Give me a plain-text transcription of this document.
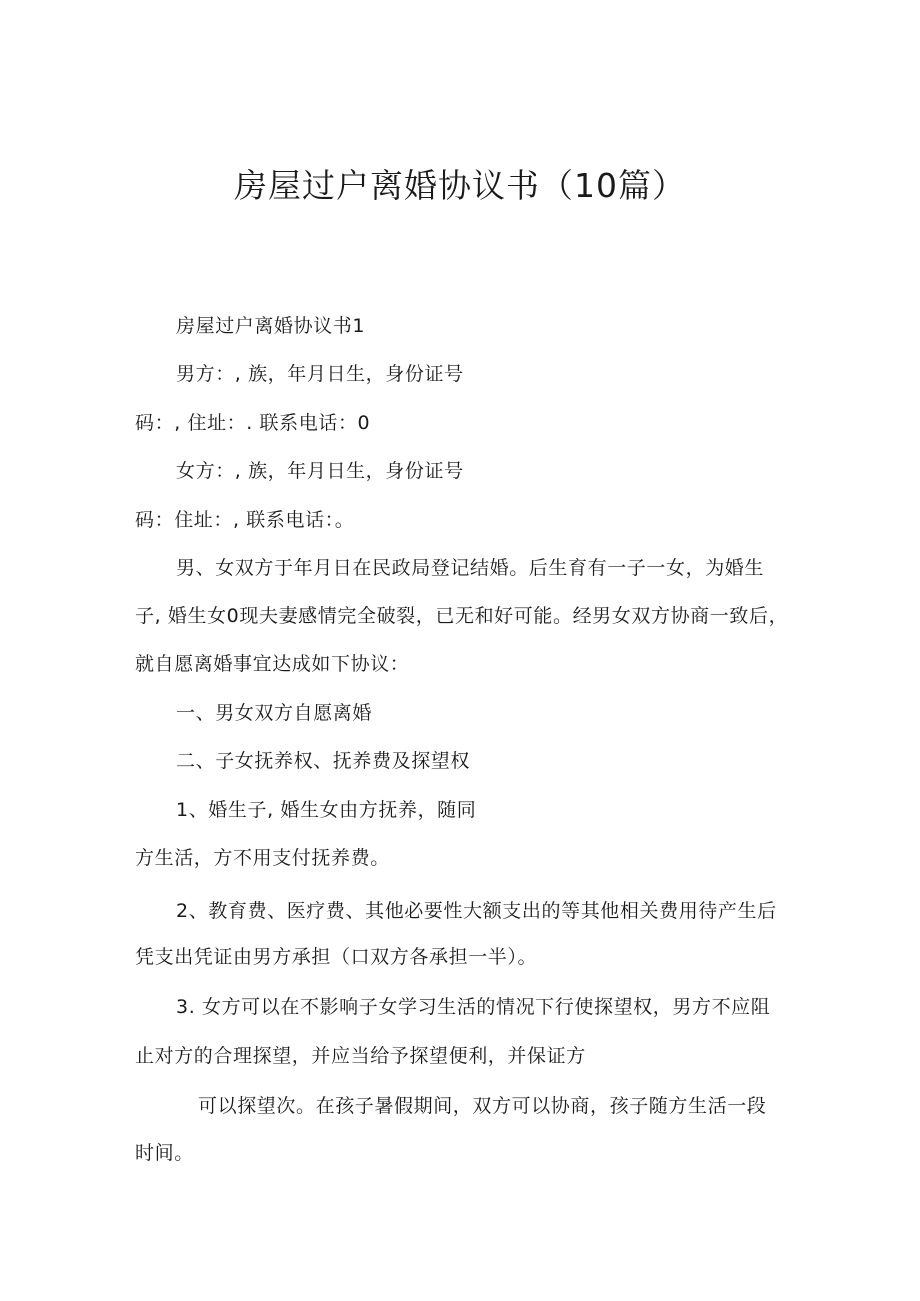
房屋过户离婚协议书（10篇）
房屋过户离婚协议书1
男方：, 族，年月日生，身份证号
码：, 住址：. 联系电话：0
女方：, 族，年月日生，身份证号
码：住址：, 联系电话：。
男、女双方于年月日在民政局登记结婚。后生育有一子一女，为婚生
子, 婚生女0现夫妻感情完全破裂，已无和好可能。经男女双方协商一致后，
就自愿离婚事宜达成如下协议：
一、男女双方自愿离婚
二、子女抚养权、抚养费及探望权
1、婚生子, 婚生女由方抚养，随同
方生活，方不用支付抚养费。
2、教育费、医疗费、其他必要性大额支出的等其他相关费用待产生后
凭支出凭证由男方承担（口双方各承担一半）。
3. 女方可以在不影响子女学习生活的情况下行使探望权，男方不应阻
止对方的合理探望，并应当给予探望便利，并保证方
可以探望次。在孩子暑假期间，双方可以协商，孩子随方生活一段
时间。
